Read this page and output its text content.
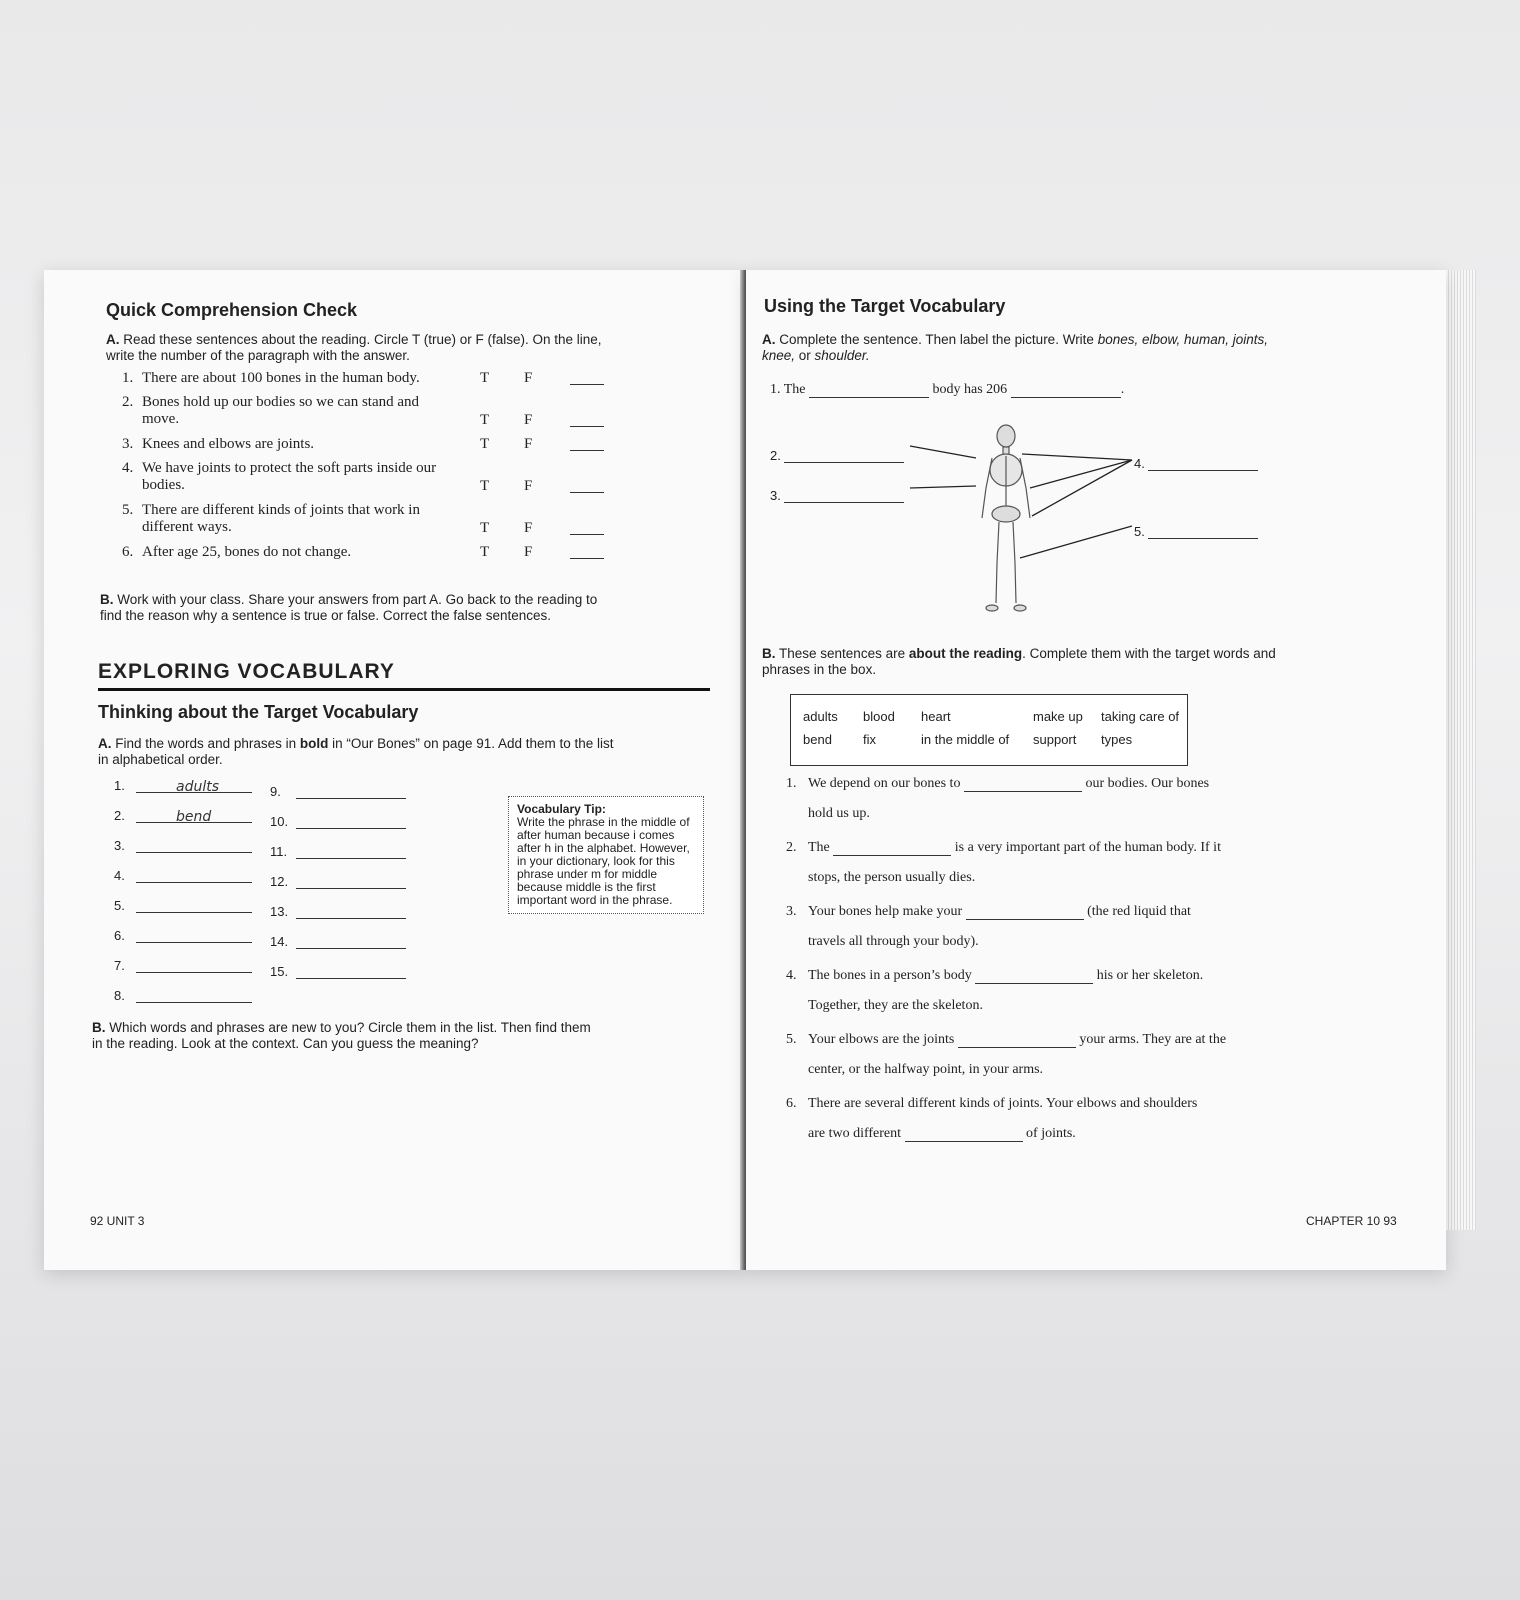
Quick Comprehension Check
A. Read these sentences about the reading. Circle T (true) or F (false). On the line, write the number of the paragraph with the answer.
1. There are about 100 bones in the human body.	T F
2. Bones hold up our bodies so we can stand and move.	T F
3. Knees and elbows are joints.	T F
4. We have joints to protect the soft parts inside our bodies.	T F
5. There are different kinds of joints that work in different ways.	T F
6. After age 25, bones do not change.	T F
B. Work with your class. Share your answers from part A. Go back to the reading to find the reason why a sentence is true or false. Correct the false sentences.
EXPLORING VOCABULARY
Thinking about the Target Vocabulary
A. Find the words and phrases in bold in “Our Bones” on page 91. Add them to the list in alphabetical order.
1.	adults
2.	bend
3.
4.
5.
6.
7.
8.
9.
10.
11.
12.
13.
14.
15.
Vocabulary Tip:
Write the phrase in the middle of after human because i comes after h in the alphabet. However, in your dictionary, look for this phrase under m for middle because middle is the first important word in the phrase.
B. Which words and phrases are new to you? Circle them in the list. Then find them in the reading. Look at the context. Can you guess the meaning?
92 UNIT 3
Using the Target Vocabulary
A. Complete the sentence. Then label the picture. Write bones, elbow, human, joints, knee, or shoulder.
1. The	body has 206	.
2.
3.
4.
5.
B. These sentences are about the reading. Complete them with the target words and phrases in the box.
adults	blood	heart	make up	taking care of
bend	fix	in the middle of	support	types
1. We depend on our bones to	our bodies. Our bones
hold us up.
2. The	is a very important part of the human body. If it
stops, the person usually dies.
3. Your bones help make your	(the red liquid that
travels all through your body).
4. The bones in a person’s body	his or her skeleton.
Together, they are the skeleton.
5. Your elbows are the joints	your arms. They are at the
center, or the halfway point, in your arms.
6. There are several different kinds of joints. Your elbows and shoulders
are two different	of joints.
CHAPTER 10 93
